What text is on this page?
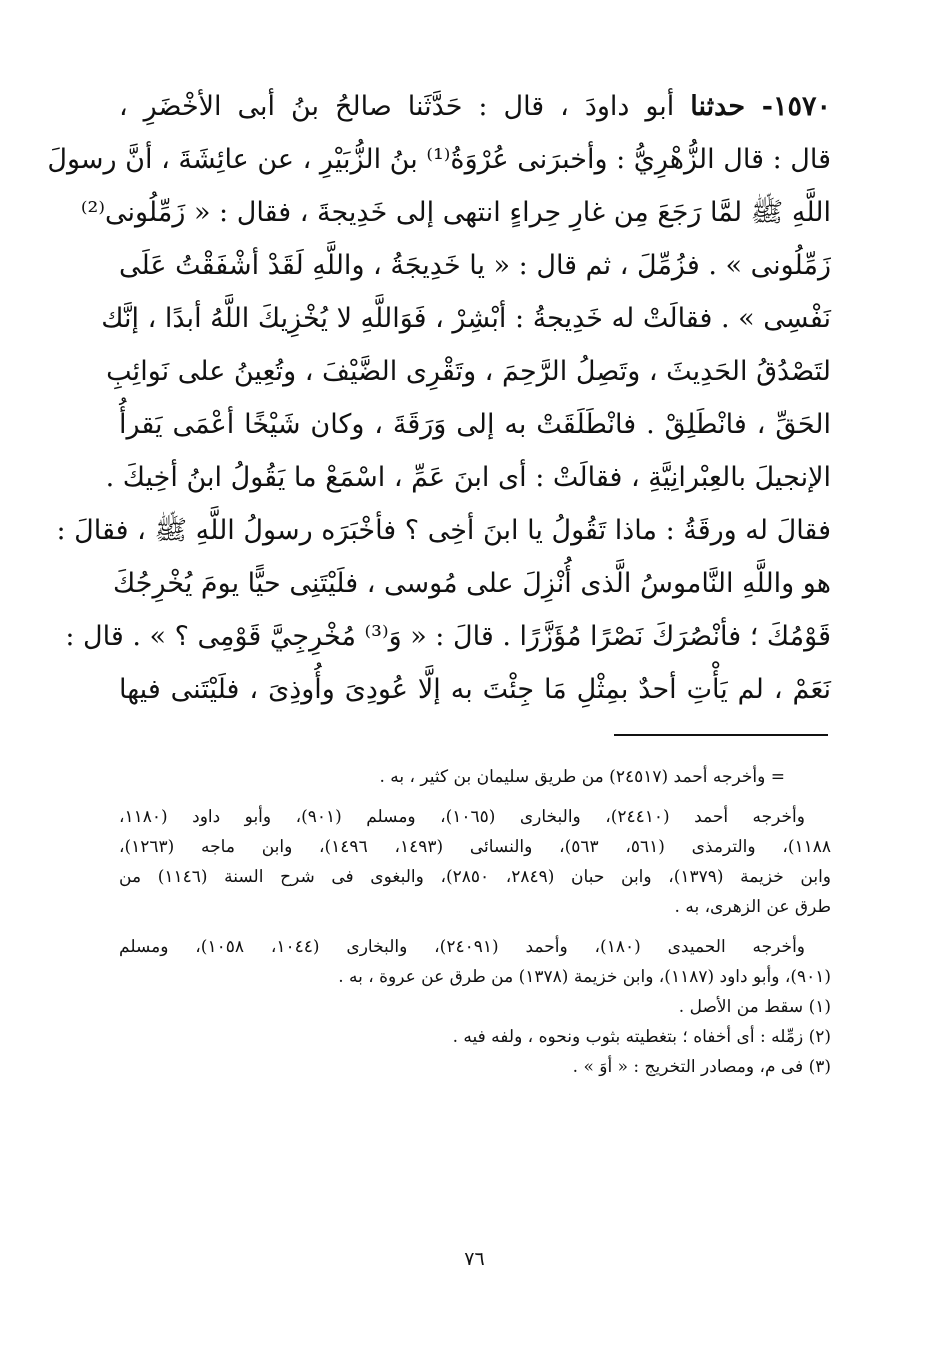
١٥٧٠- حدثنا أبو داودَ ، قال : حَدَّثَنا صالحُ بنُ أبى الأخْضَرِ ،
قال : قال الزُّهْرِيُّ : وأخبرَنى عُرْوَةُ⁽¹⁾ بنُ الزُّبَيْرِ ، عن عائِشَةَ ، أنَّ رسولَ
اللَّهِ ﷺ لمَّا رَجَعَ مِن غارِ حِراءٍ انتهى إلى خَدِيجةَ ، فقال : « زَمِّلُونى⁽²⁾
زَمِّلُونى » . فزُمِّلَ ، ثم قال : « يا خَدِيجَةُ ، واللَّهِ لَقَدْ أشْفَقْتُ عَلَى
نَفْسِى » . فقالَتْ له خَدِيجةُ : أبْشِرْ ، فَوَاللَّهِ لا يُخْزِيكَ اللَّهُ أبدًا ، إنَّك
لتَصْدُقُ الحَدِيثَ ، وتَصِلُ الرَّحِمَ ، وتَقْرِى الضَّيْفَ ، وتُعِينُ على نَوائِبِ
الحَقِّ ، فانْطَلِقْ . فانْطَلَقَتْ به إلى وَرَقَةَ ، وكان شَيْخًا أعْمَى يَقرأُ
الإنجيلَ بالعِبْرانِيَّةِ ، فقالَتْ : أى ابنَ عَمِّ ، اسْمَعْ ما يَقُولُ ابنُ أخِيكَ .
فقالَ له ورقَةُ : ماذا تَقُولُ يا ابنَ أخِى ؟ فأخْبَرَه رسولُ اللَّهِ ﷺ ، فقالَ :
هو واللَّهِ النَّاموسُ الَّذى أُنْزِلَ على مُوسى ، فلَيْتَنِى حيًّا يومَ يُخْرِجُكَ
قَوْمُكَ ؛ فأنْصُرَكَ نَصْرًا مُؤَزَّرًا . قالَ : « وَ⁽³⁾ مُخْرِجِيَّ قَوْمِى ؟ » . قال :
نَعَمْ ، لم يَأْتِ أحدٌ بمِثْلِ مَا جِئْتَ به إلَّا عُودِىَ وأُوذِىَ ، فلَيْتَنى فيها
= وأخرجه أحمد (٢٤٥١٧) من طريق سليمان بن كثير ، به .
وأخرجه أحمد (٢٤٤١٠)، والبخارى (١٠٦٥)، ومسلم (٩٠١)، وأبو داود (١١٨٠،
١١٨٨)، والترمذى (٥٦١، ٥٦٣)، والنسائى (١٤٩٣، ١٤٩٦)، وابن ماجه (١٢٦٣)،
وابن خزيمة (١٣٧٩)، وابن حبان (٢٨٤٩، ٢٨٥٠)، والبغوى فى شرح السنة (١١٤٦) من
طرق عن الزهرى، به .
وأخرجه الحميدى (١٨٠)، وأحمد (٢٤٠٩١)، والبخارى (١٠٤٤، ١٠٥٨)، ومسلم
(٩٠١)، وأبو داود (١١٨٧)، وابن خزيمة (١٣٧٨) من طرق عن عروة ، به .
(١) سقط من الأصل .
(٢) زمِّله : أى أخفاه ؛ بتغطيته بثوب ونحوه ، ولفه فيه .
(٣) فى م، ومصادر التخريج : « أوَ » .
٧٦
